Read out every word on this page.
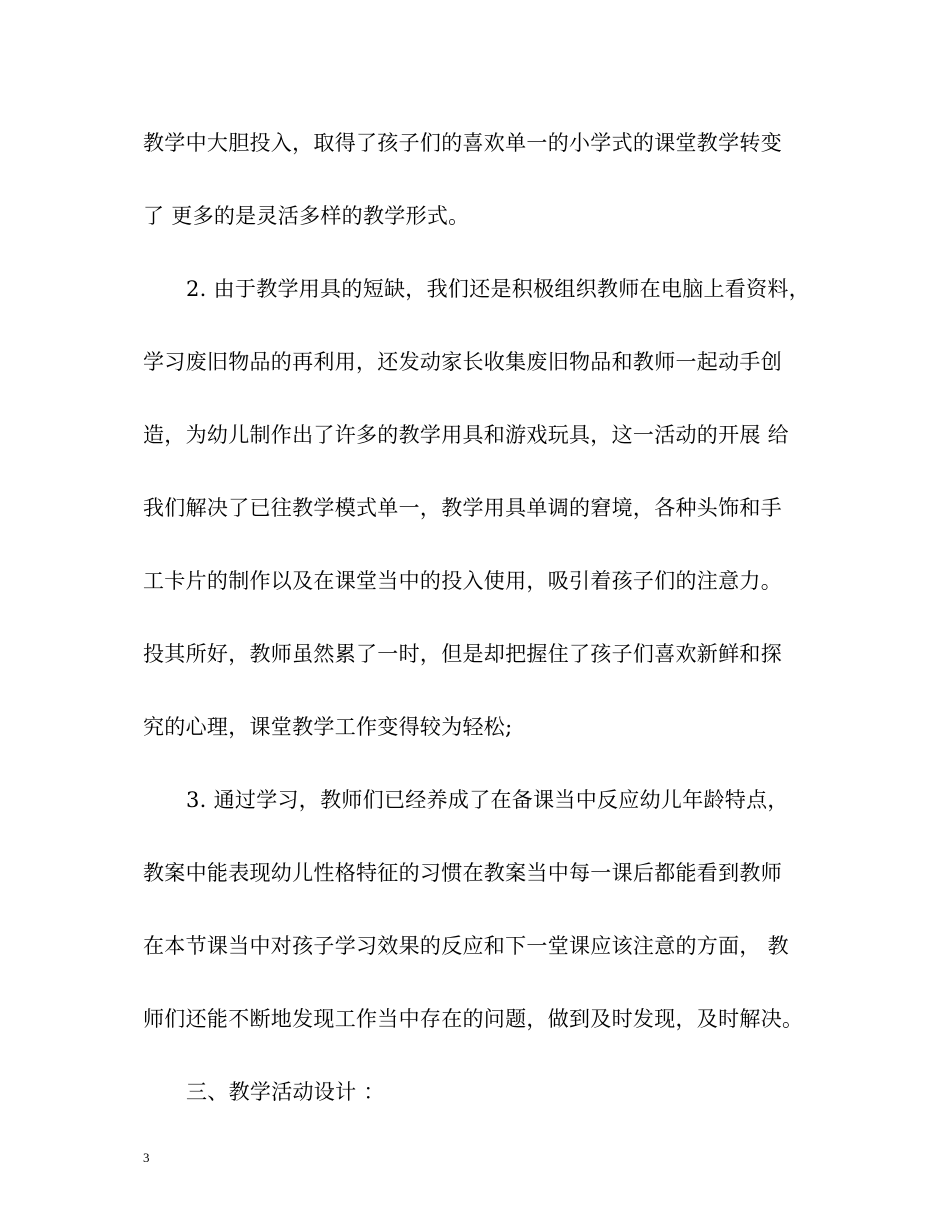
教学中大胆投入，取得了孩子们的喜欢单一的小学式的课堂教学转变
了 更多的是灵活多样的教学形式。
2. 由于教学用具的短缺，我们还是积极组织教师在电脑上看资料，
学习废旧物品的再利用，还发动家长收集废旧物品和教师一起动手创
造，为幼儿制作出了许多的教学用具和游戏玩具，这一活动的开展 给
我们解决了已往教学模式单一，教学用具单调的窘境，各种头饰和手
工卡片的制作以及在课堂当中的投入使用，吸引着孩子们的注意力。
投其所好，教师虽然累了一时，但是却把握住了孩子们喜欢新鲜和探
究的心理，课堂教学工作变得较为轻松;
3. 通过学习，教师们已经养成了在备课当中反应幼儿年龄特点，
教案中能表现幼儿性格特征的习惯在教案当中每一课后都能看到教师
在本节课当中对孩子学习效果的反应和下一堂课应该注意的方面， 教
师们还能不断地发现工作当中存在的问题，做到及时发现，及时解决。
三、教学活动设计 ：
3
